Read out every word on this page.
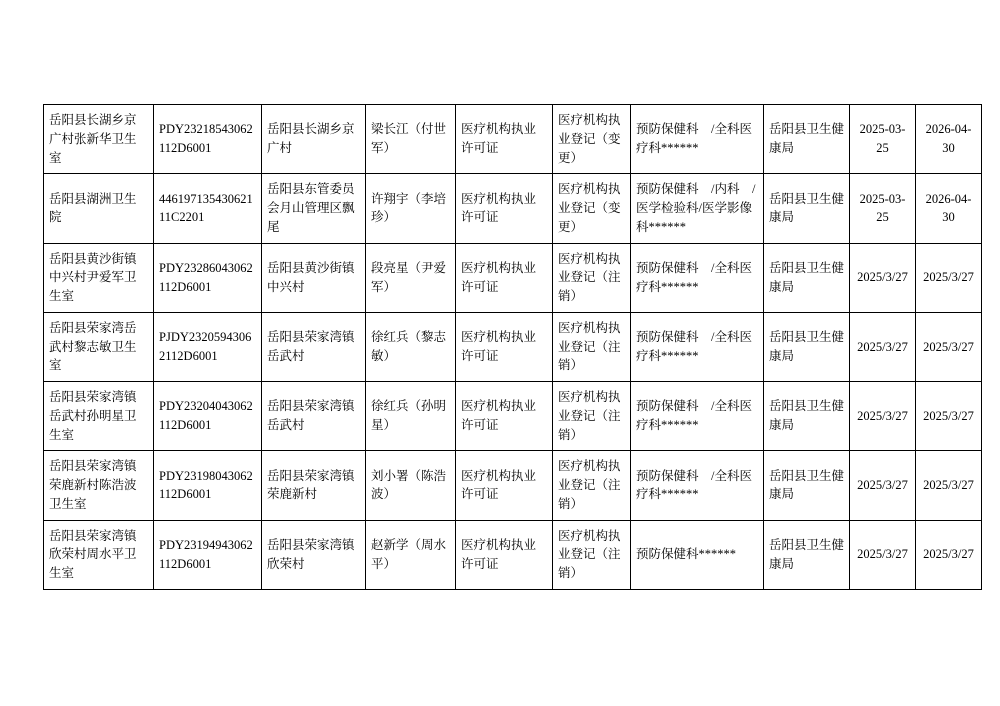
岳阳县长湖乡京广村张新华卫生室	PDY23218543062112D6001	岳阳县长湖乡京广村	梁长江（付世军）	医疗机构执业许可证	医疗机构执业登记（变更）	预防保健科　/全科医疗科******	岳阳县卫生健康局	2025-03-25	2026-04-30
岳阳县湖洲卫生院	44619713543062111C2201	岳阳县东管委员会月山管理区飘尾	许翔宇（李培珍）	医疗机构执业许可证	医疗机构执业登记（变更）	预防保健科　/内科　/医学检验科/医学影像科******	岳阳县卫生健康局	2025-03-25	2026-04-30
岳阳县黄沙街镇中兴村尹爱军卫生室	PDY23286043062112D6001	岳阳县黄沙街镇中兴村	段亮星（尹爱军）	医疗机构执业许可证	医疗机构执业登记（注销）	预防保健科　/全科医疗科******	岳阳县卫生健康局	2025/3/27	2025/3/27
岳阳县荣家湾岳武村黎志敏卫生室	PJDY23205943062112D6001	岳阳县荣家湾镇岳武村	徐红兵（黎志敏）	医疗机构执业许可证	医疗机构执业登记（注销）	预防保健科　/全科医疗科******	岳阳县卫生健康局	2025/3/27	2025/3/27
岳阳县荣家湾镇岳武村孙明星卫生室	PDY23204043062112D6001	岳阳县荣家湾镇岳武村	徐红兵（孙明星）	医疗机构执业许可证	医疗机构执业登记（注销）	预防保健科　/全科医疗科******	岳阳县卫生健康局	2025/3/27	2025/3/27
岳阳县荣家湾镇荣鹿新村陈浩波卫生室	PDY23198043062112D6001	岳阳县荣家湾镇荣鹿新村	刘小署（陈浩波）	医疗机构执业许可证	医疗机构执业登记（注销）	预防保健科　/全科医疗科******	岳阳县卫生健康局	2025/3/27	2025/3/27
岳阳县荣家湾镇欣荣村周水平卫生室	PDY23194943062112D6001	岳阳县荣家湾镇欣荣村	赵新学（周水平）	医疗机构执业许可证	医疗机构执业登记（注销）	预防保健科******	岳阳县卫生健康局	2025/3/27	2025/3/27
